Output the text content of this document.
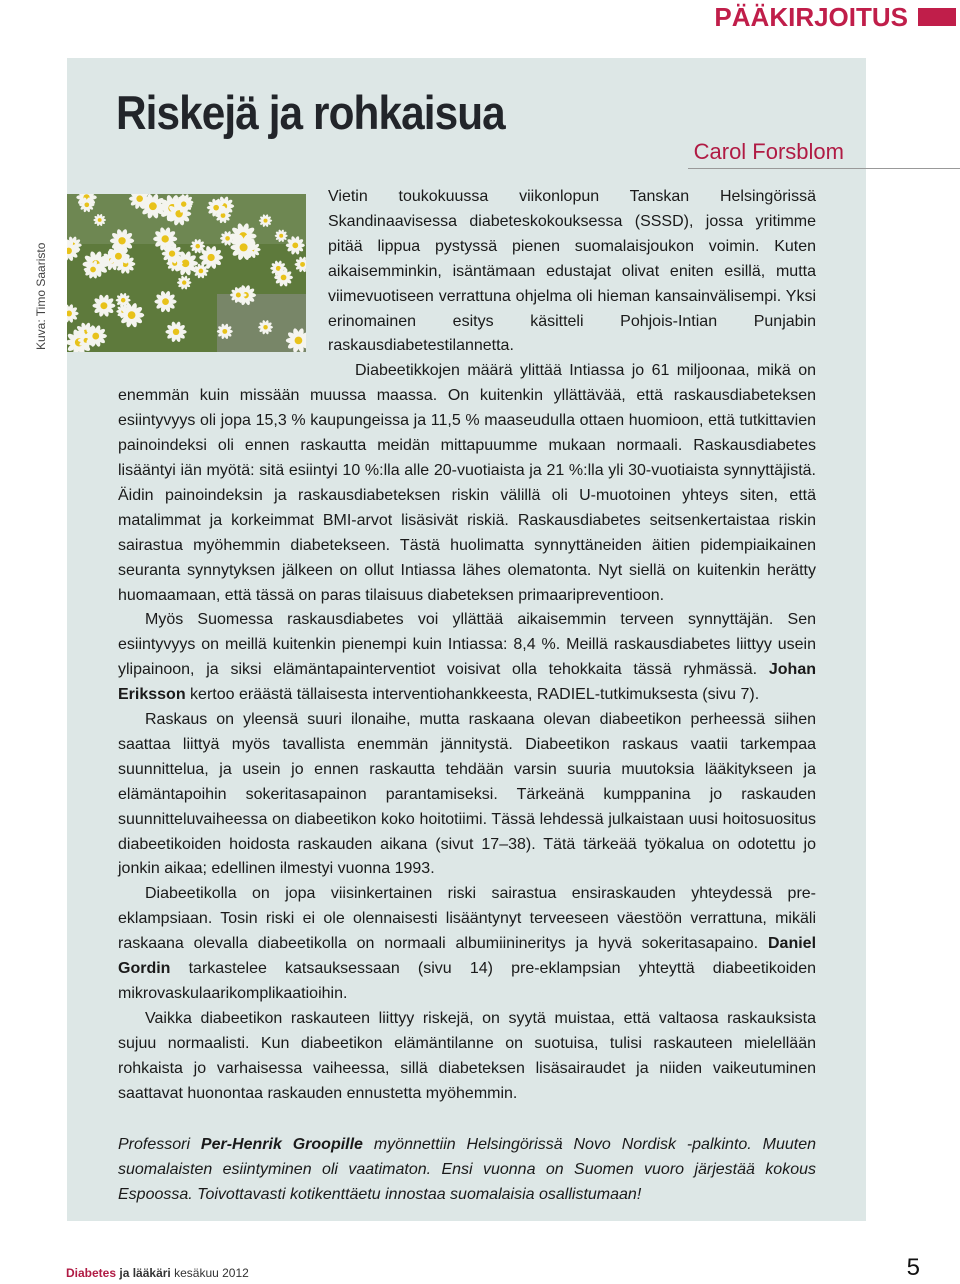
PÄÄKIRJOITUS
Riskejä ja rohkaisua
Carol Forsblom
Kuva: Timo Saaristo

Vietin toukokuussa viikonlopun Tanskan Helsingörissä Skandinaavisessa diabeteskokouksessa (SSSD), jossa yritimme pitää lippua pystyssä pienen suomalaisjoukon voimin. Kuten aikaisemminkin, isäntämaan edustajat olivat eniten esillä, mutta viimevuotiseen verrattuna ohjelma oli hieman kansainvälisempi. Yksi erinomainen esitys käsitteli Pohjois-Intian Punjabin raskausdiabetestilannetta.

Diabeetikkojen määrä ylittää Intiassa jo 61 miljoonaa, mikä on enemmän kuin missään muussa maassa. On kuitenkin yllättävää, että raskausdiabeteksen esiintyvyys oli jopa 15,3 % kaupungeissa ja 11,5 % maaseudulla ottaen huomioon, että tutkittavien painoindeksi oli ennen raskautta meidän mittapuumme mukaan normaali. Raskausdiabetes lisääntyi iän myötä: sitä esiintyi 10 %:lla alle 20-vuotiaista ja 21 %:lla yli 30-vuotiaista synnyttäjistä. Äidin painoindeksin ja raskausdiabeteksen riskin välillä oli U-muotoinen yhteys siten, että matalimmat ja korkeimmat BMI-arvot lisäsivät riskiä. Raskausdiabetes seitsenkertaistaa riskin sairastua myöhemmin diabetekseen. Tästä huolimatta synnyttäneiden äitien pidempiaikainen seuranta synnytyksen jälkeen on ollut Intiassa lähes olematonta. Nyt siellä on kuitenkin herätty huomaamaan, että tässä on paras tilaisuus diabeteksen primaaripreventioon.

Myös Suomessa raskausdiabetes voi yllättää aikaisemmin terveen synnyttäjän. Sen esiintyvyys on meillä kuitenkin pienempi kuin Intiassa: 8,4 %. Meillä raskausdiabetes liittyy usein ylipainoon, ja siksi elämäntapainterventiot voisivat olla tehokkaita tässä ryhmässä. Johan Eriksson kertoo eräästä tällaisesta interventiohankkeesta, RADIEL-tutkimuksesta (sivu 7).

Raskaus on yleensä suuri ilonaihe, mutta raskaana olevan diabeetikon perheessä siihen saattaa liittyä myös tavallista enemmän jännitystä. Diabeetikon raskaus vaatii tarkempaa suunnittelua, ja usein jo ennen raskautta tehdään varsin suuria muutoksia lääkitykseen ja elämäntapoihin sokeritasapainon parantamiseksi. Tärkeänä kumppanina jo raskauden suunnitteluvaiheessa on diabeetikon koko hoitotiimi. Tässä lehdessä julkaistaan uusi hoitosuositus diabeetikoiden hoidosta raskauden aikana (sivut 17–38). Tätä tärkeää työkalua on odotettu jo jonkin aikaa; edellinen ilmestyi vuonna 1993.

Diabeetikolla on jopa viisinkertainen riski sairastua ensiraskauden yhteydessä pre-eklampsiaan. Tosin riski ei ole olennaisesti lisääntynyt terveeseen väestöön verrattuna, mikäli raskaana olevalla diabeetikolla on normaali albumiinineritys ja hyvä sokeritasapaino. Daniel Gordin tarkastelee katsauksessaan (sivu 14) pre-eklampsian yhteyttä diabeetikoiden mikrovaskulaarikomplikaatioihin.

Vaikka diabeetikon raskauteen liittyy riskejä, on syytä muistaa, että valtaosa raskauksista sujuu normaalisti. Kun diabeetikon elämäntilanne on suotuisa, tulisi raskauteen mielellään rohkaista jo varhaisessa vaiheessa, sillä diabeteksen lisäsairaudet ja niiden vaikeutuminen saattavat huonontaa raskauden ennustetta myöhemmin.

Professori Per-Henrik Groopille myönnettiin Helsingörissä Novo Nordisk -palkinto. Muuten suomalaisten esiintyminen oli vaatimaton. Ensi vuonna on Suomen vuoro järjestää kokous Espoossa. Toivottavasti kotikenttäetu innostaa suomalaisia osallistumaan!

Diabetes ja lääkäri kesäkuu 2012	5
